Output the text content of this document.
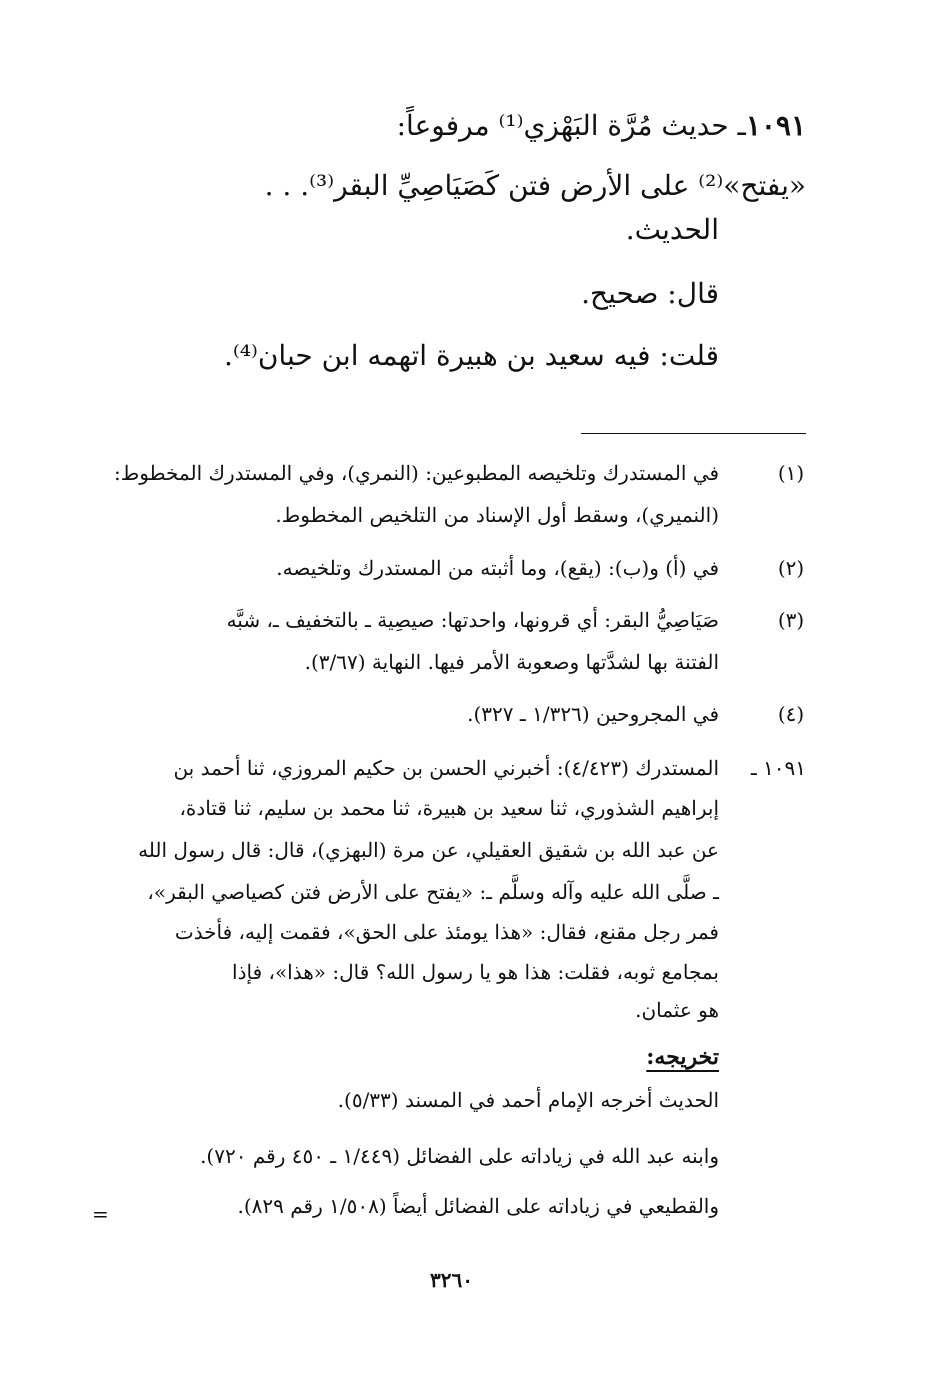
١٠٩١ـ حديث مُرَّة البَهْزي⁽¹⁾ مرفوعاً:
«يفتح»⁽²⁾ على الأرض فتن كَصَيَاصِيِّ البقر⁽³⁾. . .
الحديث.
قال: صحيح.
قلت: فيه سعيد بن هبيرة اتهمه ابن حبان⁽⁴⁾.
(١)
في المستدرك وتلخيصه المطبوعين: (النمري)، وفي المستدرك المخطوط:
(النميري)، وسقط أول الإسناد من التلخيص المخطوط.
(٢)
في (أ) و(ب): (يقع)، وما أثبته من المستدرك وتلخيصه.
(٣)
صَيَاصِيُّ البقر: أي قرونها، واحدتها: صيصِية ـ بالتخفيف ـ، شبَّه
الفتنة بها لشدَّتها وصعوبة الأمر فيها. النهاية (٣/٦٧).
(٤)
في المجروحين (١/٣٢٦ ـ ٣٢٧).
١٠٩١ ـ
المستدرك (٤/٤٢٣): أخبرني الحسن بن حكيم المروزي، ثنا أحمد بن
إبراهيم الشذوري، ثنا سعيد بن هبيرة، ثنا محمد بن سليم، ثنا قتادة،
عن عبد الله بن شقيق العقيلي، عن مرة (البهزي)، قال: قال رسول الله
ـ صلَّى الله عليه وآله وسلَّم ـ: «يفتح على الأرض فتن كصياصي البقر»،
فمر رجل مقنع، فقال: «هذا يومئذ على الحق»، فقمت إليه، فأخذت
بمجامع ثوبه، فقلت: هذا هو يا رسول الله؟ قال: «هذا»، فإذا
هو عثمان.
تخريجه:
الحديث أخرجه الإمام أحمد في المسند (٥/٣٣).
وابنه عبد الله في زياداته على الفضائل (١/٤٤٩ ـ ٤٥٠ رقم ٧٢٠).
والقطيعي في زياداته على الفضائل أيضاً (١/٥٠٨ رقم ٨٢٩).
=
٣٢٦٠
